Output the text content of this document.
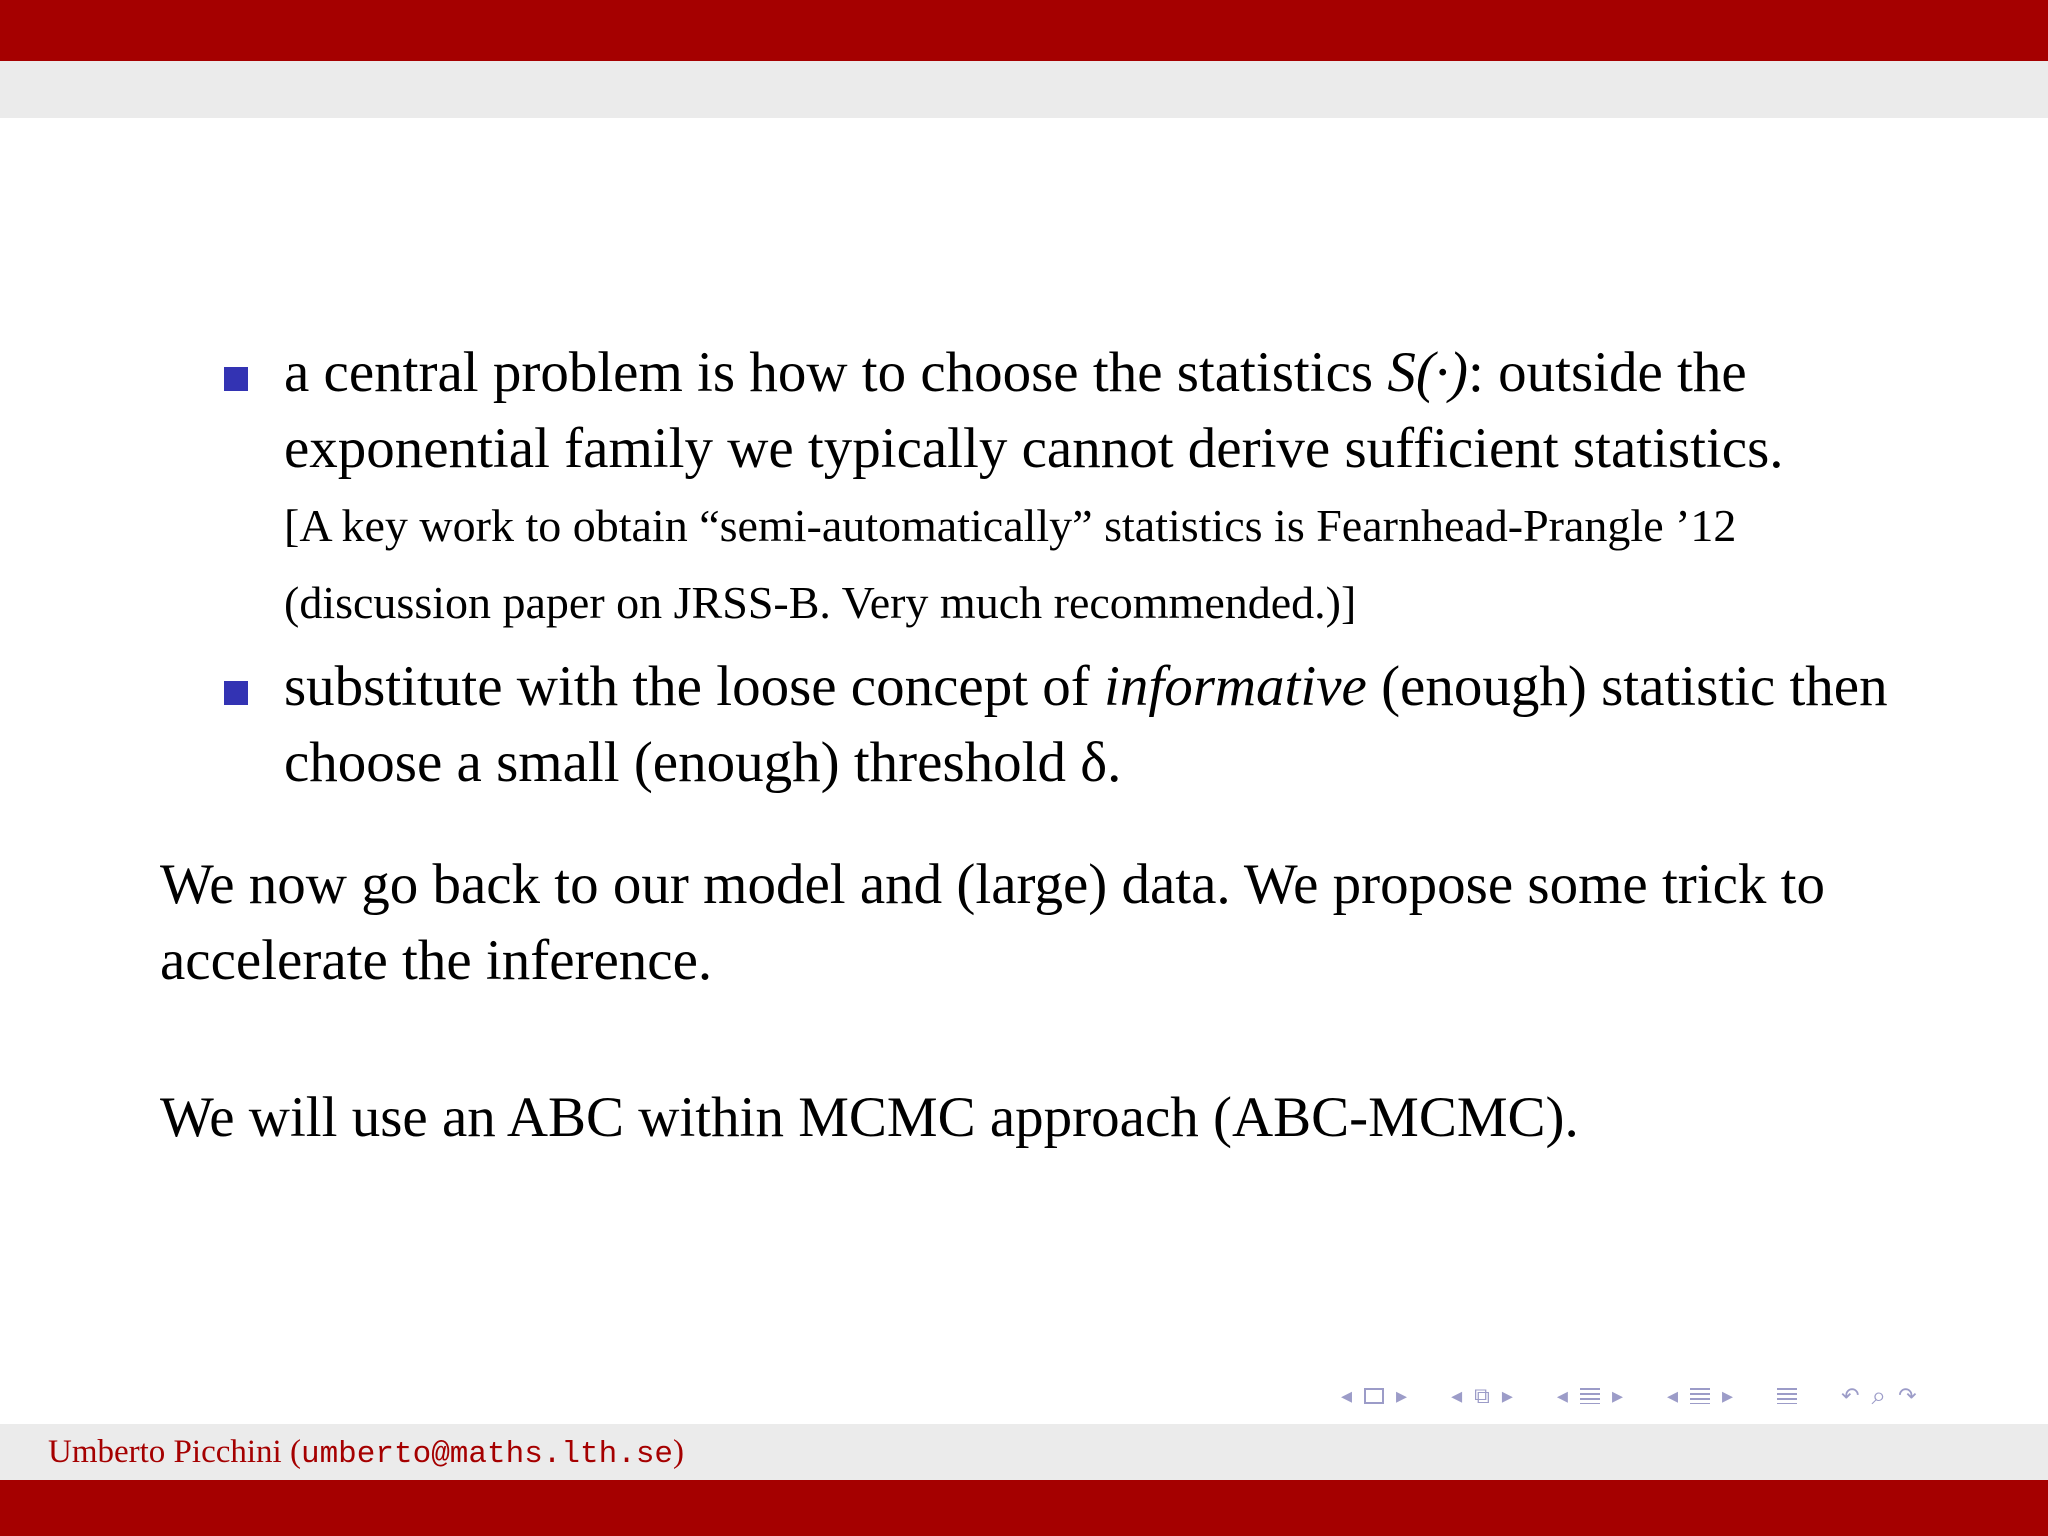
a central problem is how to choose the statistics S(·): outside the exponential family we typically cannot derive sufficient statistics.
[A key work to obtain “semi-automatically” statistics is Fearnhead-Prangle ’12 (discussion paper on JRSS-B. Very much recommended.)]
substitute with the loose concept of informative (enough) statistic then choose a small (enough) threshold δ.
We now go back to our model and (large) data. We propose some trick to accelerate the inference.
We will use an ABC within MCMC approach (ABC-MCMC).
◂ ▸ ◂ ⧉ ▸ ◂ ▸ ◂ ▸	↶ ⌕ ↷
Umberto Picchini (umberto@maths.lth.se)
